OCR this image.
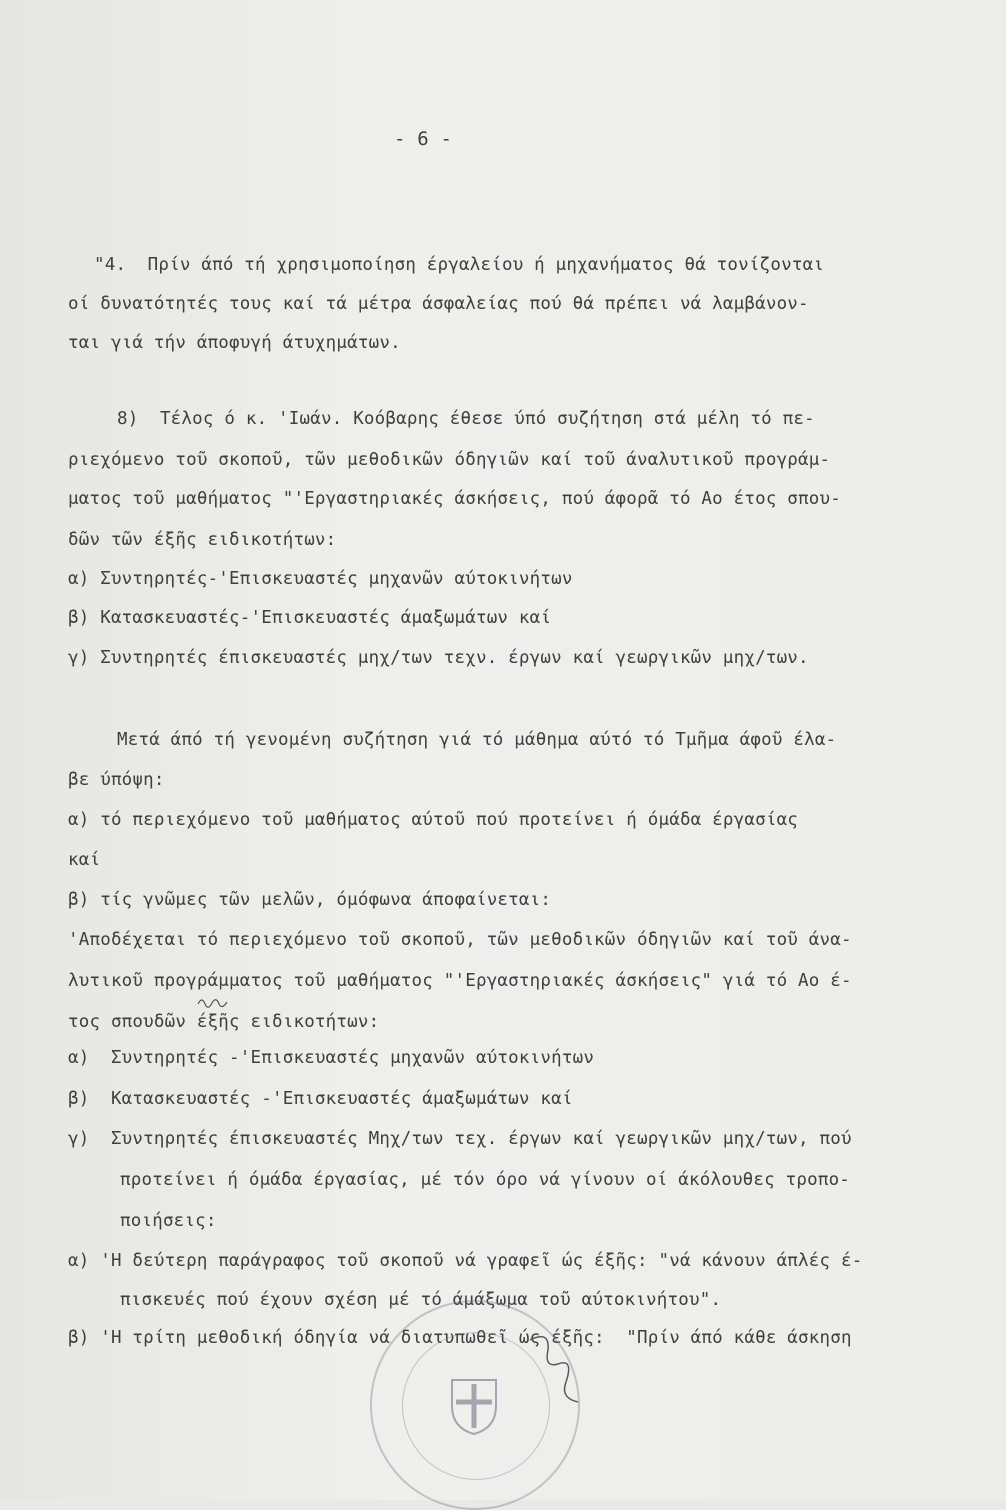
- 6 -
"4.  Πρίν άπό τή χρησιμοποίηση έργαλείου ή μηχανήματος θά τονίζονται
οί δυνατότητές τους καί τά μέτρα άσφαλείας πού θά πρέπει νά λαμβάνον-
ται γιά τήν άποφυγή άτυχημάτων.
8)  Τέλος ό κ. 'Ιωάν. Κοόβαρης έθεσε ύπό συζήτηση στά μέλη τό πε-
ριεχόμενο τοῦ σκοποῦ, τῶν μεθοδικῶν όδηγιῶν καί τοῦ άναλυτικοῦ προγράμ-
ματος τοῦ μαθήματος "'Εργαστηριακές άσκήσεις, πού άφορᾶ τό Αο έτος σπου-
δῶν τῶν έξῆς ειδικοτήτων:
α) Συντηρητές-'Επισκευαστές μηχανῶν αύτοκινήτων
β) Κατασκευαστές-'Επισκευαστές άμαξωμάτων καί
γ) Συντηρητές έπισκευαστές μηχ/των τεχν. έργων καί γεωργικῶν μηχ/των.
Μετά άπό τή γενομένη συζήτηση γιά τό μάθημα αύτό τό Τμῆμα άφοῦ έλα-
βε ύπόψη:
α) τό περιεχόμενο τοῦ μαθήματος αύτοῦ πού προτείνει ή όμάδα έργασίας
καί
β) τίς γνῶμες τῶν μελῶν, όμόφωνα άποφαίνεται:
'Αποδέχεται τό περιεχόμενο τοῦ σκοποῦ, τῶν μεθοδικῶν όδηγιῶν καί τοῦ άνα-
λυτικοῦ προγράμματος τοῦ μαθήματος "'Εργαστηριακές άσκήσεις" γιά τό Αο έ-
τος σπουδῶν έξῆς ειδικοτήτων:
α)  Συντηρητές -'Επισκευαστές μηχανῶν αύτοκινήτων
β)  Κατασκευαστές -'Επισκευαστές άμαξωμάτων καί
γ)  Συντηρητές έπισκευαστές Μηχ/των τεχ. έργων καί γεωργικῶν μηχ/των, πού
προτείνει ή όμάδα έργασίας, μέ τόν όρο νά γίνουν οί άκόλουθες τροπο-
ποιήσεις:
α) 'Η δεύτερη παράγραφος τοῦ σκοποῦ νά γραφεῖ ώς έξῆς: "νά κάνουν άπλές έ-
πισκευές πού έχουν σχέση μέ τό άμάξωμα τοῦ αύτοκινήτου".
β) 'Η τρίτη μεθοδική όδηγία νά διατυπωθεῖ ώς έξῆς:  "Πρίν άπό κάθε άσκηση
